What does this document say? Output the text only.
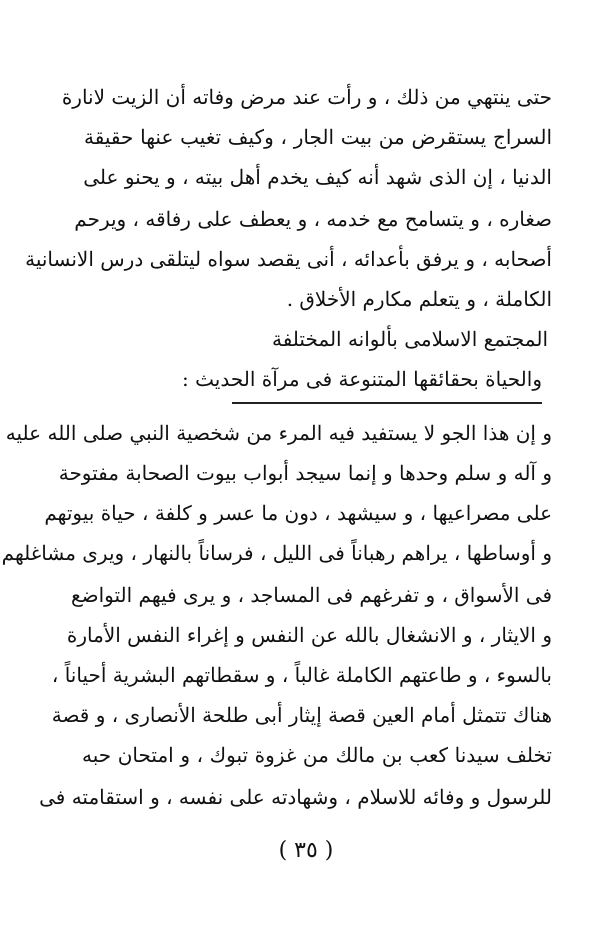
حتى ينتهي من ذلك ، و رأت عند مرض وفاته أن الزيت لانارة
السراج يستقرض من بيت الجار ، وكيف تغيب عنها حقيقة
الدنيا ، إن الذى شهد أنه كيف يخدم أهل بيته ، و يحنو على
صغاره ، و يتسامح مع خدمه ، و يعطف على رفاقه ، ويرحم
أصحابه ، و يرفق بأعدائه ، أنى يقصد سواه ليتلقى درس الانسانية
الكاملة ، و يتعلم مكارم الأخلاق .
المجتمع الاسلامى بألوانه المختلفة
والحياة بحقائقها المتنوعة فى مرآة الحديث :
و إن هذا الجو لا يستفيد فيه المرء من شخصية النبي صلى الله عليه
و آله و سلم وحدها و إنما سيجد أبواب بيوت الصحابة مفتوحة
على مصراعيها ، و سيشهد ، دون ما عسر و كلفة ، حياة بيوتهم
و أوساطها ، يراهم رهباناً فى الليل ، فرساناً بالنهار ، ويرى مشاغلهم
فى الأسواق ، و تفرغهم فى المساجد ، و يرى فيهم التواضع
و الايثار ، و الانشغال بالله عن النفس و إغراء النفس الأمارة
بالسوء ، و طاعتهم الكاملة غالباً ، و سقطاتهم البشرية أحياناً ،
هناك تتمثل أمام العين قصة إيثار أبى طلحة الأنصارى ، و قصة
تخلف سيدنا كعب بن مالك من غزوة تبوك ، و امتحان حبه
للرسول و وفائه للاسلام ، وشهادته على نفسه ، و استقامته فى
( ٣٥ )
